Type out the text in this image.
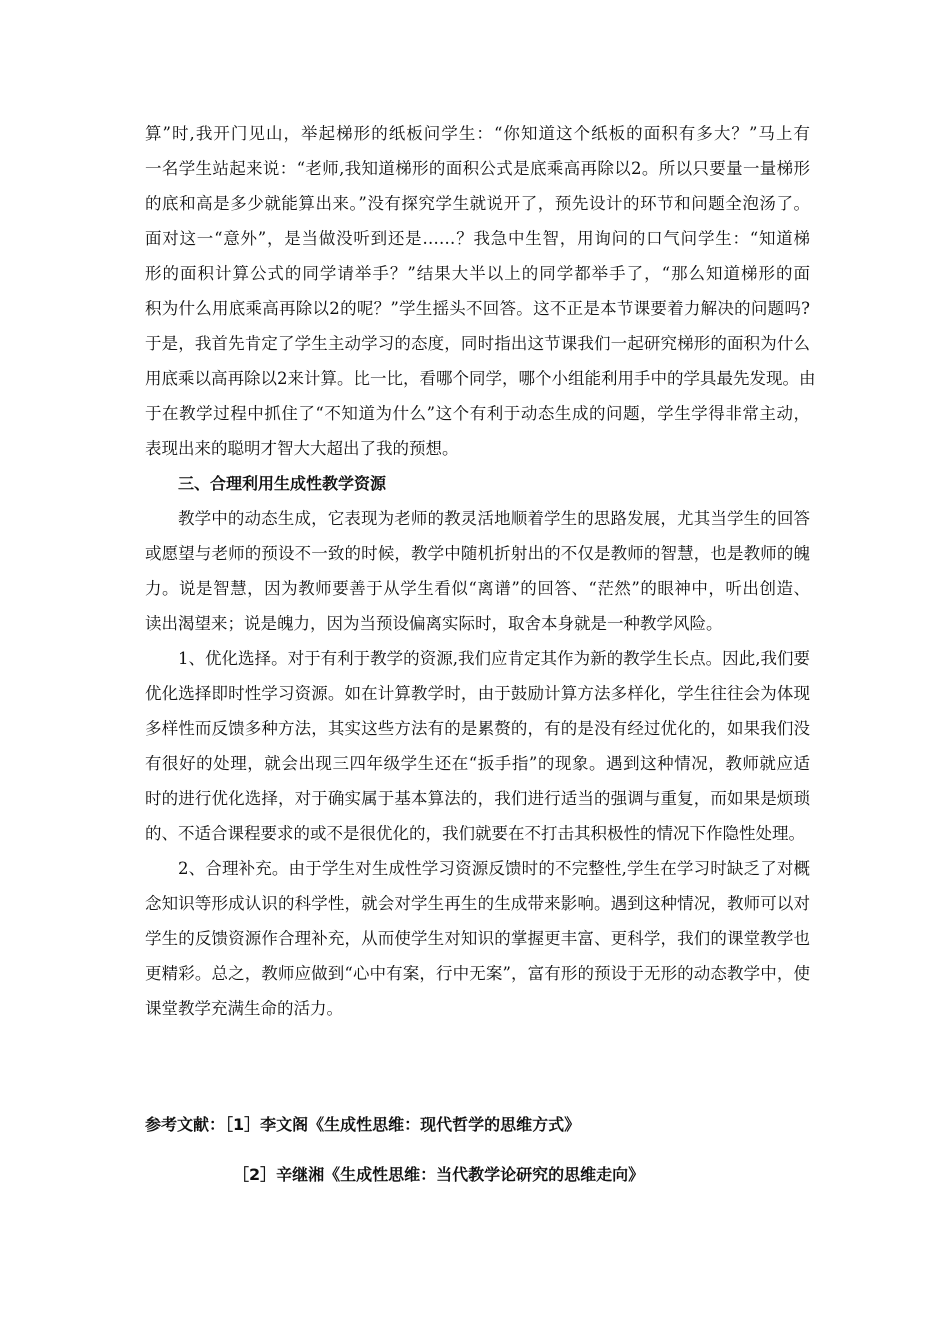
算”时,我开门见山，举起梯形的纸板问学生：“你知道这个纸板的面积有多大？”马上有
一名学生站起来说：“老师,我知道梯形的面积公式是底乘高再除以2。所以只要量一量梯形
的底和高是多少就能算出来。”没有探究学生就说开了，预先设计的环节和问题全泡汤了。
面对这一“意外”，是当做没听到还是……？我急中生智，用询问的口气问学生：“知道梯
形的面积计算公式的同学请举手？”结果大半以上的同学都举手了，“那么知道梯形的面
积为什么用底乘高再除以2的呢？”学生摇头不回答。这不正是本节课要着力解决的问题吗?
于是，我首先肯定了学生主动学习的态度，同时指出这节课我们一起研究梯形的面积为什么
用底乘以高再除以2来计算。比一比，看哪个同学，哪个小组能利用手中的学具最先发现。由
于在教学过程中抓住了“不知道为什么”这个有利于动态生成的问题，学生学得非常主动，
表现出来的聪明才智大大超出了我的预想。
三、合理利用生成性教学资源
教学中的动态生成，它表现为老师的教灵活地顺着学生的思路发展，尤其当学生的回答
或愿望与老师的预设不一致的时候，教学中随机折射出的不仅是教师的智慧，也是教师的魄
力。说是智慧，因为教师要善于从学生看似“离谱”的回答、“茫然”的眼神中，听出创造、
读出渴望来；说是魄力，因为当预设偏离实际时，取舍本身就是一种教学风险。
1、优化选择。对于有利于教学的资源,我们应肯定其作为新的教学生长点。因此,我们要
优化选择即时性学习资源。如在计算教学时，由于鼓励计算方法多样化，学生往往会为体现
多样性而反馈多种方法，其实这些方法有的是累赘的，有的是没有经过优化的，如果我们没
有很好的处理，就会出现三四年级学生还在“扳手指”的现象。遇到这种情况，教师就应适
时的进行优化选择，对于确实属于基本算法的，我们进行适当的强调与重复，而如果是烦琐
的、不适合课程要求的或不是很优化的，我们就要在不打击其积极性的情况下作隐性处理。
2、合理补充。由于学生对生成性学习资源反馈时的不完整性,学生在学习时缺乏了对概
念知识等形成认识的科学性，就会对学生再生的生成带来影响。遇到这种情况，教师可以对
学生的反馈资源作合理补充，从而使学生对知识的掌握更丰富、更科学，我们的课堂教学也
更精彩。总之，教师应做到“心中有案，行中无案”，富有形的预设于无形的动态教学中，使
课堂教学充满生命的活力。
参考文献：［1］李文阁《生成性思维：现代哲学的思维方式》
［2］辛继湘《生成性思维：当代教学论研究的思维走向》
